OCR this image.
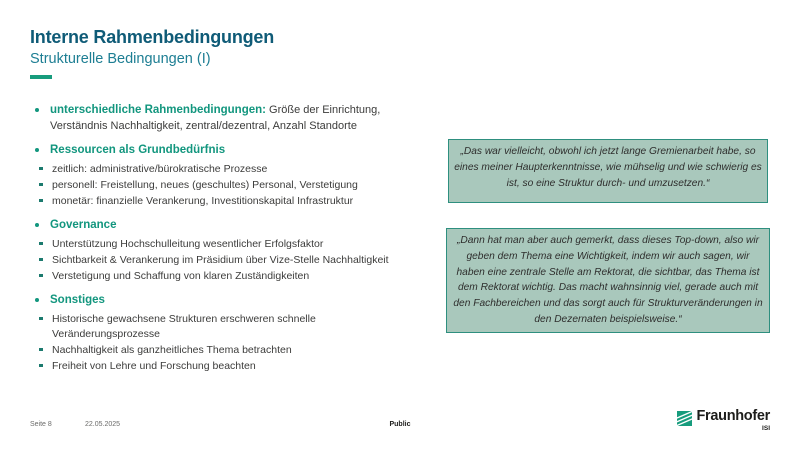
Interne Rahmenbedingungen
Strukturelle Bedingungen (I)
unterschiedliche Rahmenbedingungen: Größe der Einrichtung, Verständnis Nachhaltigkeit, zentral/dezentral, Anzahl Standorte
Ressourcen als Grundbedürfnis
zeitlich: administrative/bürokratische Prozesse
personell: Freistellung, neues (geschultes) Personal, Verstetigung
monetär: finanzielle Verankerung, Investitionskapital Infrastruktur
Governance
Unterstützung Hochschulleitung wesentlicher Erfolgsfaktor
Sichtbarkeit & Verankerung im Präsidium über Vize-Stelle Nachhaltigkeit
Verstetigung und Schaffung von klaren Zuständigkeiten
Sonstiges
Historische gewachsene Strukturen erschweren schnelle Veränderungsprozesse
Nachhaltigkeit als ganzheitliches Thema betrachten
Freiheit von Lehre und Forschung beachten
„Das war vielleicht, obwohl ich jetzt lange Gremienarbeit habe, so eines meiner Haupterkenntnisse, wie mühselig und wie schwierig es ist, so eine Struktur durch- und umzusetzen.“
„Dann hat man aber auch gemerkt, dass dieses Top-down, also wir geben dem Thema eine Wichtigkeit, indem wir auch sagen, wir haben eine zentrale Stelle am Rektorat, die sichtbar, das Thema ist dem Rektorat wichtig. Das macht wahnsinnig viel, gerade auch mit den Fachbereichen und das sorgt auch für Strukturveränderungen in den Dezernaten beispielsweise.“
Seite 8	22.05.2025	Public
Fraunhofer
ISI
